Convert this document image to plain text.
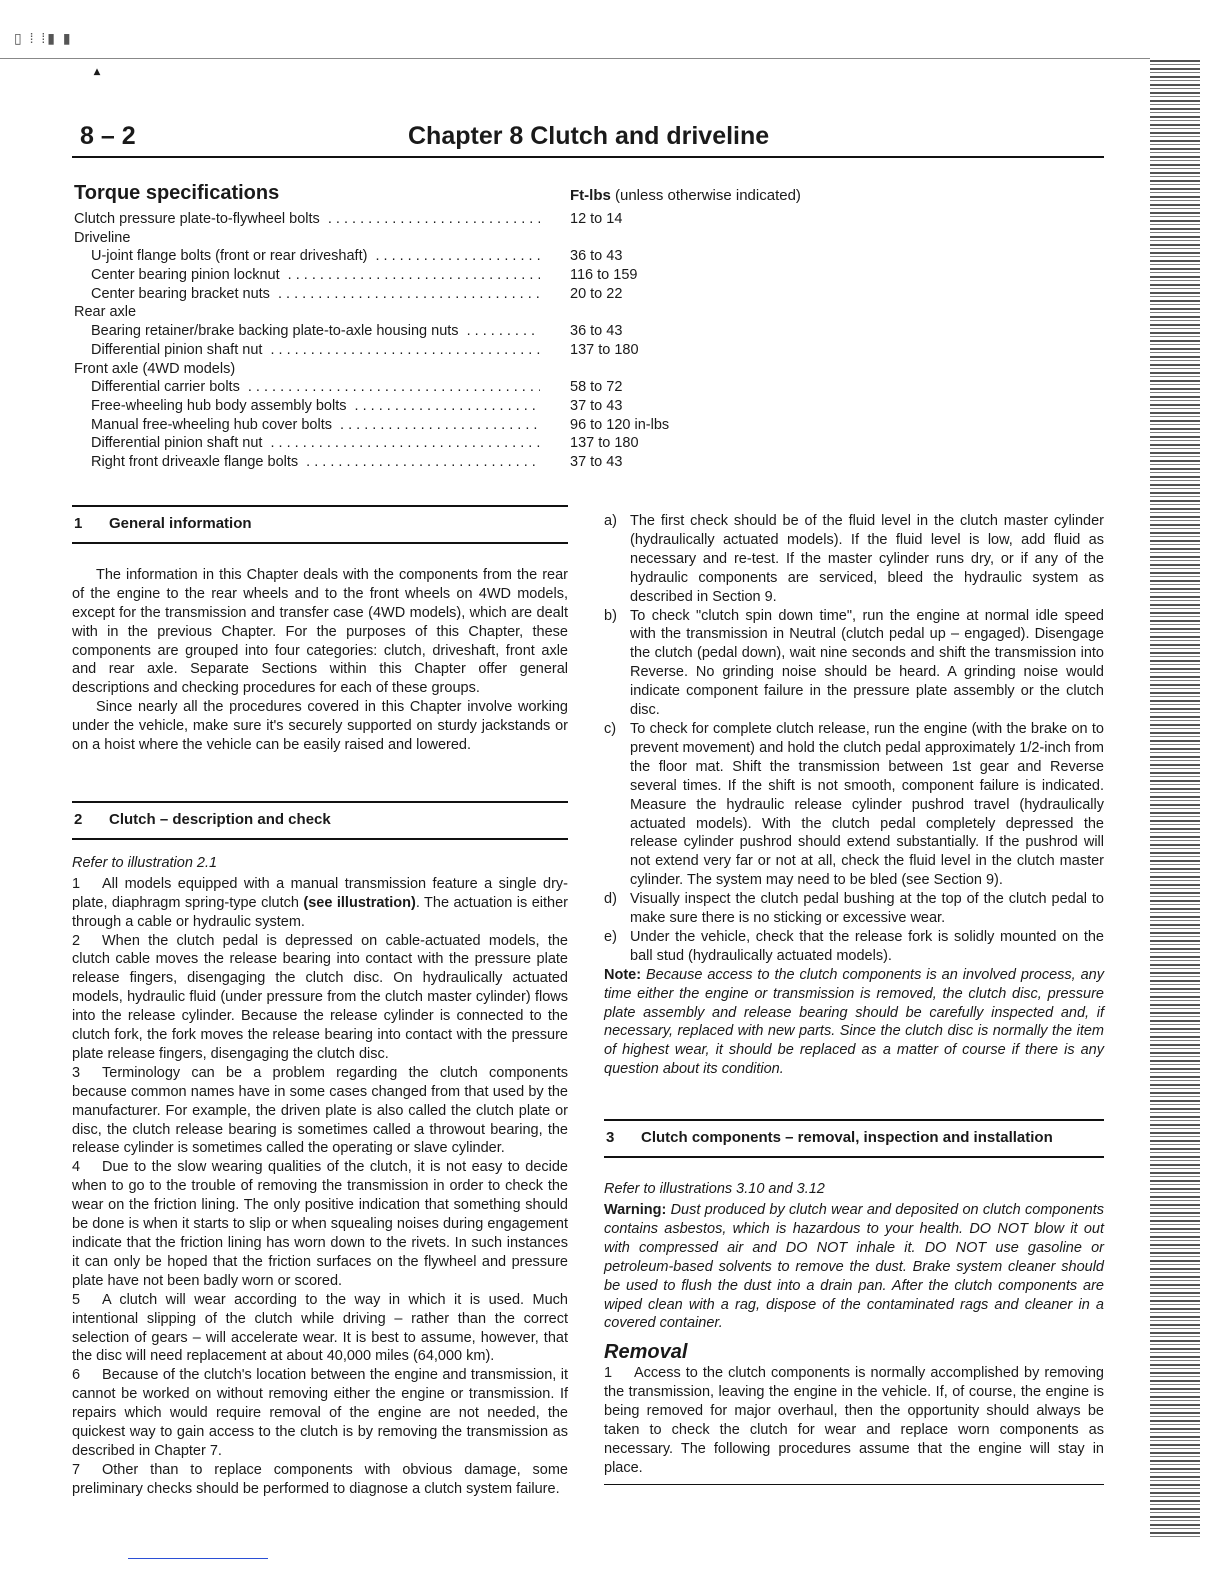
▯ ⁞ ⁞▮ ▮
▴
8 – 2	Chapter 8 Clutch and driveline
Torque specifications	Ft-lbs (unless otherwise indicated)
Clutch pressure plate-to-flywheel bolts . . .	12 to 14
Driveline
U-joint flange bolts (front or rear driveshaft) . . .	36 to 43
Center bearing pinion locknut . . .	116 to 159
Center bearing bracket nuts . . .	20 to 22
Rear axle
Bearing retainer/brake backing plate-to-axle housing nuts . . .	36 to 43
Differential pinion shaft nut . . .	137 to 180
Front axle (4WD models)
Differential carrier bolts . . .	58 to 72
Free-wheeling hub body assembly bolts . . .	37 to 43
Manual free-wheeling hub cover bolts . . .	96 to 120 in-lbs
Differential pinion shaft nut . . .	137 to 180
Right front driveaxle flange bolts . . .	37 to 43
1 General information
The information in this Chapter deals with the components from the rear of the engine to the rear wheels and to the front wheels on 4WD models, except for the transmission and transfer case (4WD models), which are dealt with in the previous Chapter. For the purposes of this Chapter, these components are grouped into four categories: clutch, driveshaft, front axle and rear axle. Separate Sections within this Chapter offer general descriptions and checking procedures for each of these groups.
Since nearly all the procedures covered in this Chapter involve working under the vehicle, make sure it's securely supported on sturdy jackstands or on a hoist where the vehicle can be easily raised and lowered.
2 Clutch – description and check
Refer to illustration 2.1
1 All models equipped with a manual transmission feature a single dry-plate, diaphragm spring-type clutch (see illustration). The actuation is either through a cable or hydraulic system.
2 When the clutch pedal is depressed on cable-actuated models, the clutch cable moves the release bearing into contact with the pressure plate release fingers, disengaging the clutch disc. On hydraulically actuated models, hydraulic fluid (under pressure from the clutch master cylinder) flows into the release cylinder. Because the release cylinder is connected to the clutch fork, the fork moves the release bearing into contact with the pressure plate release fingers, disengaging the clutch disc.
3 Terminology can be a problem regarding the clutch components because common names have in some cases changed from that used by the manufacturer. For example, the driven plate is also called the clutch plate or disc, the clutch release bearing is sometimes called a throwout bearing, the release cylinder is sometimes called the operating or slave cylinder.
4 Due to the slow wearing qualities of the clutch, it is not easy to decide when to go to the trouble of removing the transmission in order to check the wear on the friction lining. The only positive indication that something should be done is when it starts to slip or when squealing noises during engagement indicate that the friction lining has worn down to the rivets. In such instances it can only be hoped that the friction surfaces on the flywheel and pressure plate have not been badly worn or scored.
5 A clutch will wear according to the way in which it is used. Much intentional slipping of the clutch while driving – rather than the correct selection of gears – will accelerate wear. It is best to assume, however, that the disc will need replacement at about 40,000 miles (64,000 km).
6 Because of the clutch's location between the engine and transmission, it cannot be worked on without removing either the engine or transmission. If repairs which would require removal of the engine are not needed, the quickest way to gain access to the clutch is by removing the transmission as described in Chapter 7.
7 Other than to replace components with obvious damage, some preliminary checks should be performed to diagnose a clutch system failure.
a) The first check should be of the fluid level in the clutch master cylinder (hydraulically actuated models). If the fluid level is low, add fluid as necessary and re-test. If the master cylinder runs dry, or if any of the hydraulic components are serviced, bleed the hydraulic system as described in Section 9.
b) To check "clutch spin down time", run the engine at normal idle speed with the transmission in Neutral (clutch pedal up – engaged). Disengage the clutch (pedal down), wait nine seconds and shift the transmission into Reverse. No grinding noise should be heard. A grinding noise would indicate component failure in the pressure plate assembly or the clutch disc.
c) To check for complete clutch release, run the engine (with the brake on to prevent movement) and hold the clutch pedal approximately 1/2-inch from the floor mat. Shift the transmission between 1st gear and Reverse several times. If the shift is not smooth, component failure is indicated. Measure the hydraulic release cylinder pushrod travel (hydraulically actuated models). With the clutch pedal completely depressed the release cylinder pushrod should extend substantially. If the pushrod will not extend very far or not at all, check the fluid level in the clutch master cylinder. The system may need to be bled (see Section 9).
d) Visually inspect the clutch pedal bushing at the top of the clutch pedal to make sure there is no sticking or excessive wear.
e) Under the vehicle, check that the release fork is solidly mounted on the ball stud (hydraulically actuated models).
Note: Because access to the clutch components is an involved process, any time either the engine or transmission is removed, the clutch disc, pressure plate assembly and release bearing should be carefully inspected and, if necessary, replaced with new parts. Since the clutch disc is normally the item of highest wear, it should be replaced as a matter of course if there is any question about its condition.
3 Clutch components – removal, inspection and installation
Refer to illustrations 3.10 and 3.12
Warning: Dust produced by clutch wear and deposited on clutch components contains asbestos, which is hazardous to your health. DO NOT blow it out with compressed air and DO NOT inhale it. DO NOT use gasoline or petroleum-based solvents to remove the dust. Brake system cleaner should be used to flush the dust into a drain pan. After the clutch components are wiped clean with a rag, dispose of the contaminated rags and cleaner in a covered container.
Removal
1 Access to the clutch components is normally accomplished by removing the transmission, leaving the engine in the vehicle. If, of course, the engine is being removed for major overhaul, then the opportunity should always be taken to check the clutch for wear and replace worn components as necessary. The following procedures assume that the engine will stay in place.
